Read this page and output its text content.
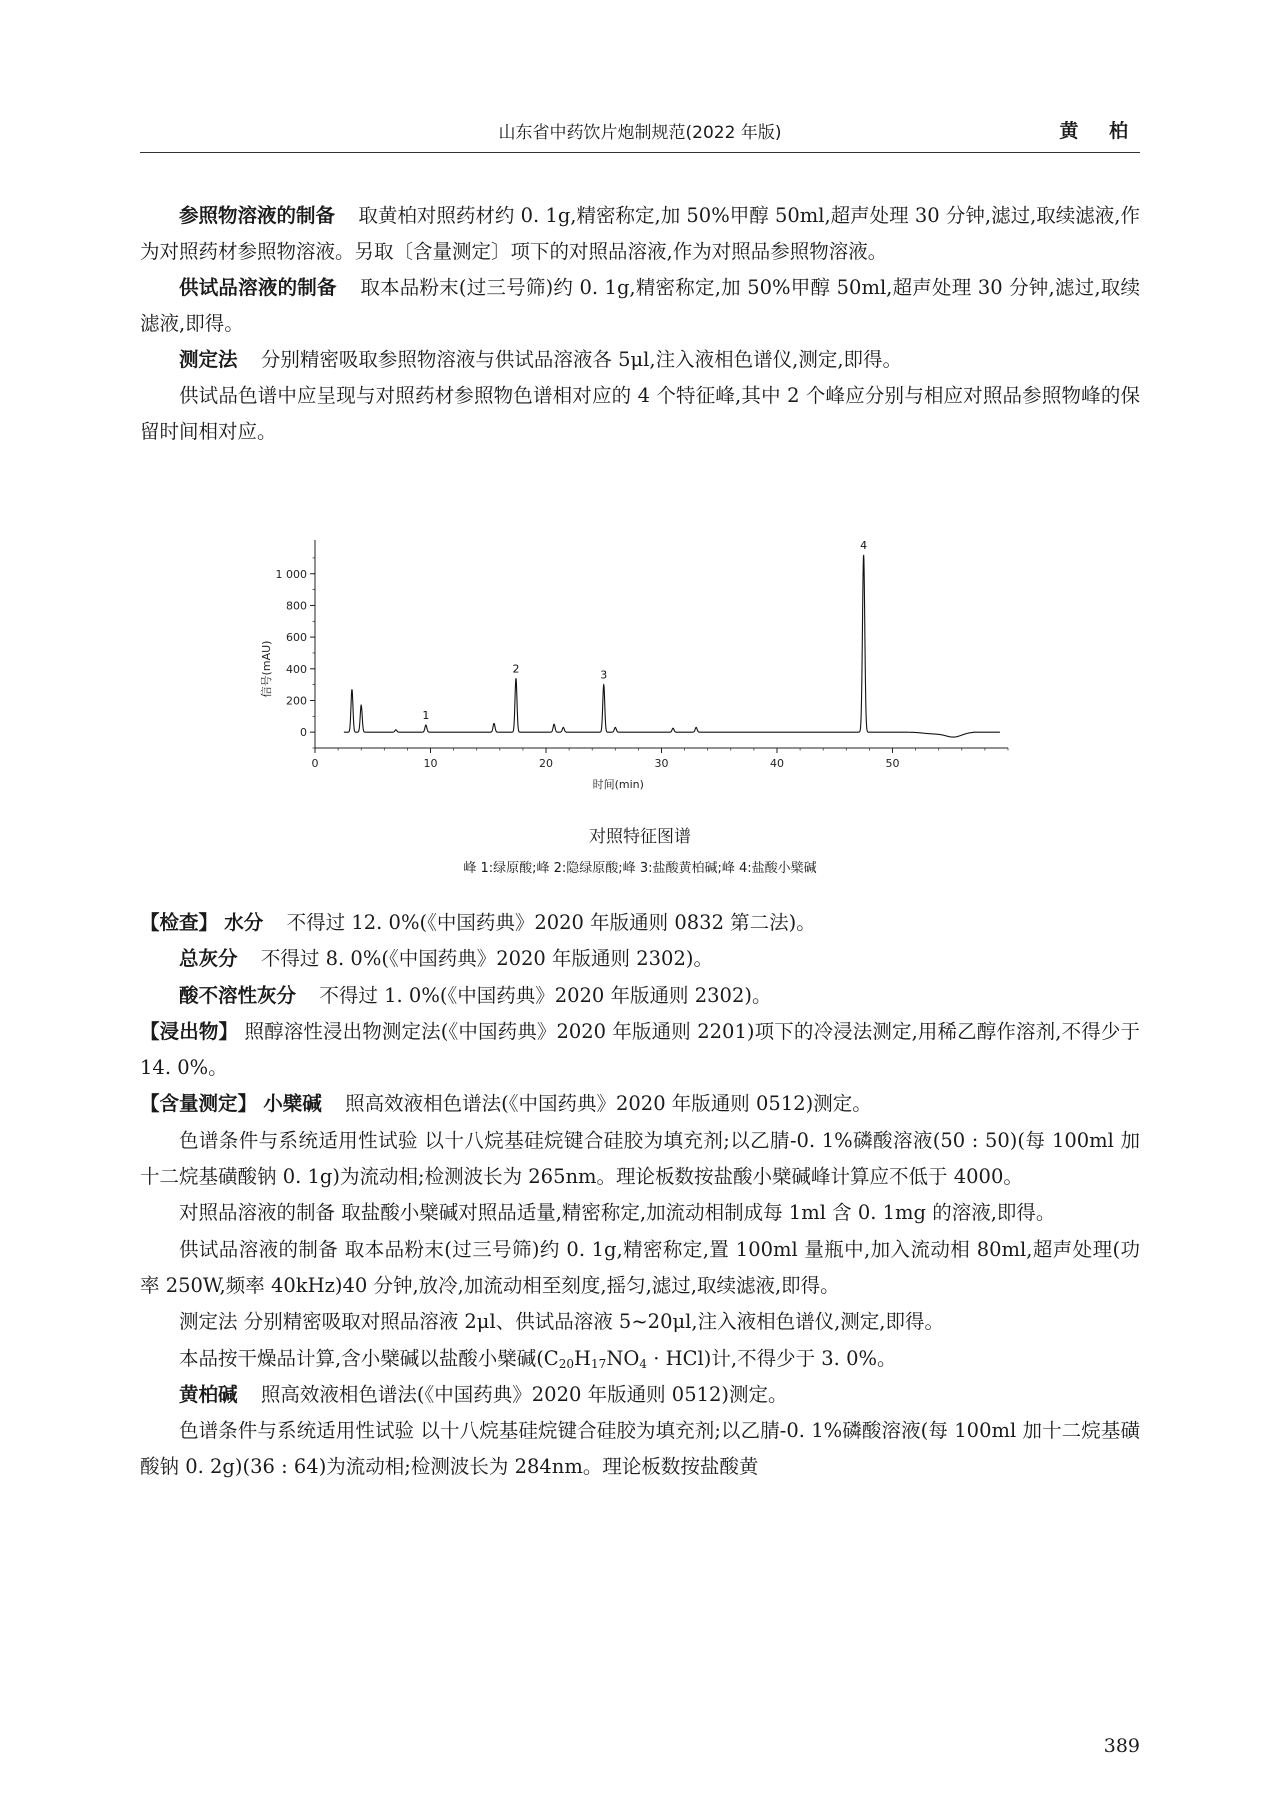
山东省中药饮片炮制规范(2022 年版)	黄 柏

参照物溶液的制备 取黄柏对照药材约 0. 1g,精密称定,加 50%甲醇 50ml,超声处理 30 分钟,滤过,取续滤液,作为对照药材参照物溶液。另取〔含量测定〕项下的对照品溶液,作为对照品参照物溶液。

供试品溶液的制备 取本品粉末(过三号筛)约 0. 1g,精密称定,加 50%甲醇 50ml,超声处理 30 分钟,滤过,取续滤液,即得。

测定法 分别精密吸取参照物溶液与供试品溶液各 5μl,注入液相色谱仪,测定,即得。

供试品色谱中应呈现与对照药材参照物色谱相对应的 4 个特征峰,其中 2 个峰应分别与相应对照品参照物峰的保留时间相对应。

0	10	20	30	40	50
0
200
400
600
800
1 000
时间(min)
信号(mAU)
1
2	3
4
对照特征图谱
峰 1:绿原酸;峰 2:隐绿原酸;峰 3:盐酸黄柏碱;峰 4:盐酸小檗碱

【检查】 水分 不得过 12. 0%(《中国药典》2020 年版通则 0832 第二法)。

总灰分 不得过 8. 0%(《中国药典》2020 年版通则 2302)。

酸不溶性灰分 不得过 1. 0%(《中国药典》2020 年版通则 2302)。

【浸出物】 照醇溶性浸出物测定法(《中国药典》2020 年版通则 2201)项下的冷浸法测定,用稀乙醇作溶剂,不得少于 14. 0%。

【含量测定】 小檗碱 照高效液相色谱法(《中国药典》2020 年版通则 0512)测定。

色谱条件与系统适用性试验 以十八烷基硅烷键合硅胶为填充剂;以乙腈-0. 1%磷酸溶液(50 : 50)(每 100ml 加十二烷基磺酸钠 0. 1g)为流动相;检测波长为 265nm。理论板数按盐酸小檗碱峰计算应不低于 4000。

对照品溶液的制备 取盐酸小檗碱对照品适量,精密称定,加流动相制成每 1ml 含 0. 1mg 的溶液,即得。

供试品溶液的制备 取本品粉末(过三号筛)约 0. 1g,精密称定,置 100ml 量瓶中,加入流动相 80ml,超声处理(功率 250W,频率 40kHz)40 分钟,放冷,加流动相至刻度,摇匀,滤过,取续滤液,即得。

测定法 分别精密吸取对照品溶液 2μl、供试品溶液 5~20μl,注入液相色谱仪,测定,即得。

本品按干燥品计算,含小檗碱以盐酸小檗碱$(C_{20}H_{17}NO_4 \cdot HCl)$计,不得少于 3. 0%。

黄柏碱 照高效液相色谱法(《中国药典》2020 年版通则 0512)测定。

色谱条件与系统适用性试验 以十八烷基硅烷键合硅胶为填充剂;以乙腈-0. 1%磷酸溶液(每 100ml 加十二烷基磺酸钠 0. 2g)(36 : 64)为流动相;检测波长为 284nm。理论板数按盐酸黄

389
